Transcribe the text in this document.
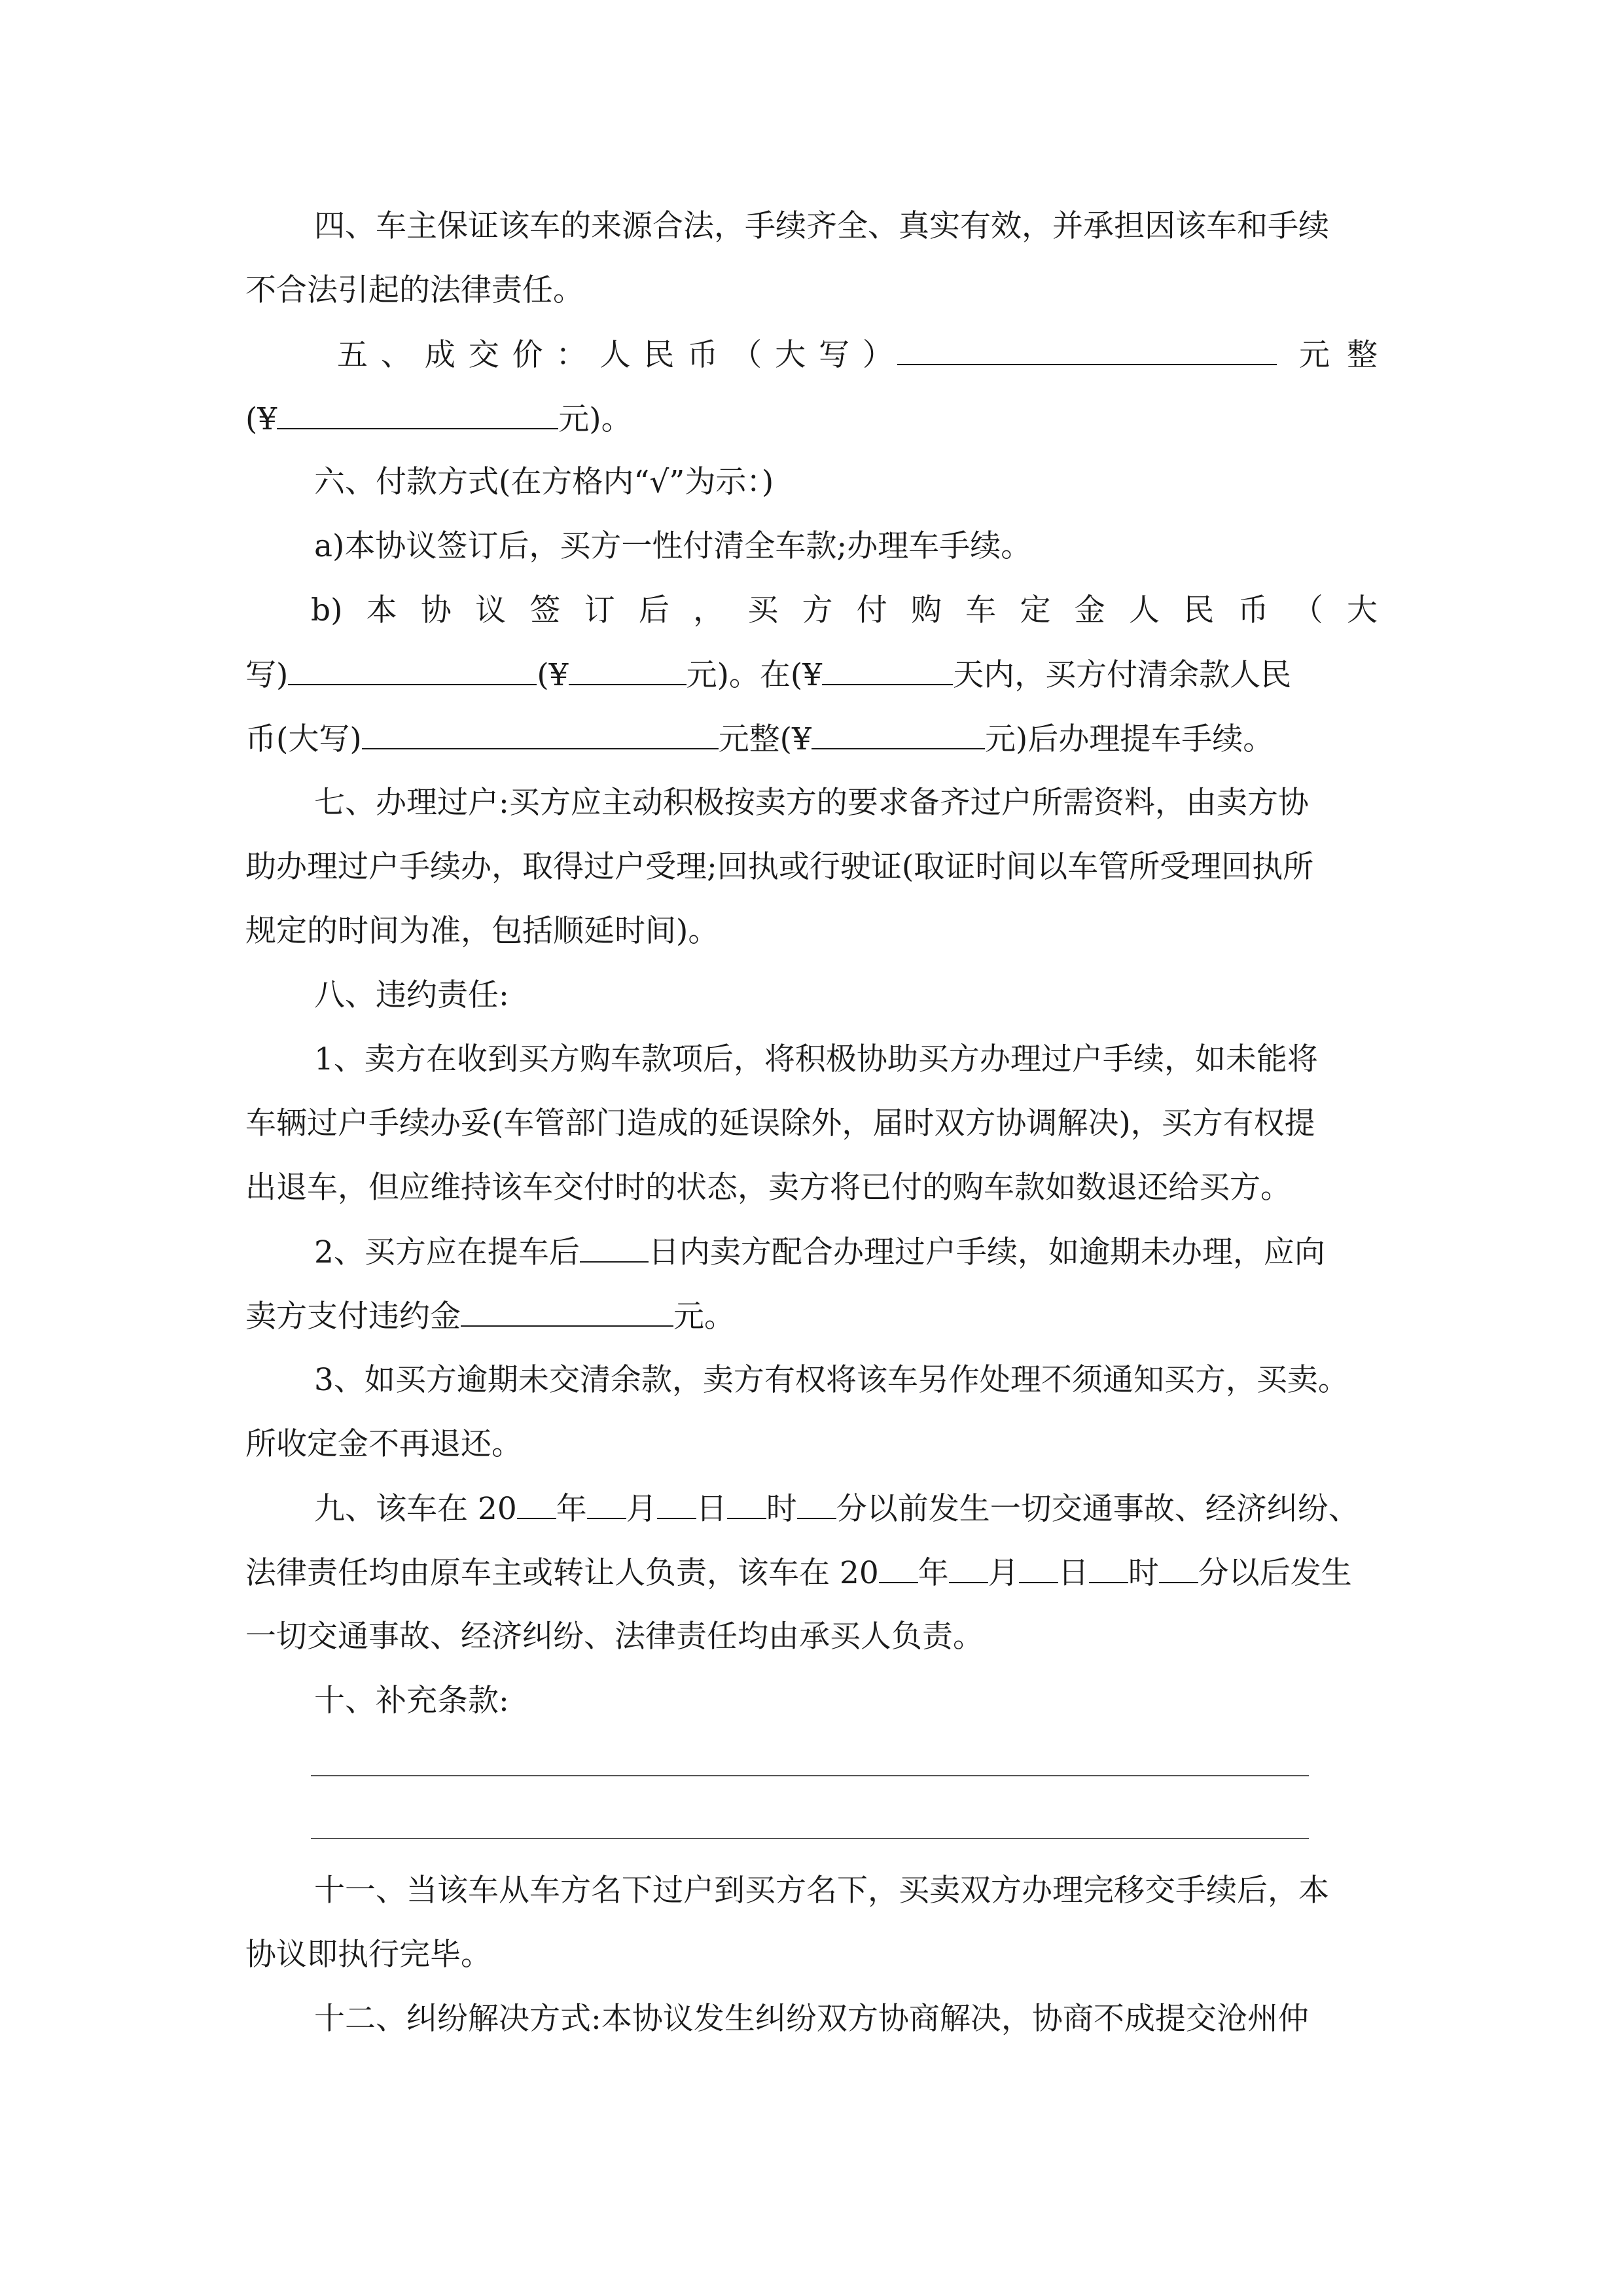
四、车主保证该车的来源合法，手续齐全、真实有效，并承担因该车和手续
不合法引起的法律责任。
五 、 成 交 价 ： 人 民 币 （ 大 写 ）	元 整
(¥	元)。
六、付款方式(在方格内“√”为示：)
a)本协议签订后，买方一性付清全车款;办理车手续。
b) 本 协 议 签 订 后 ， 买 方 付 购 车 定 金 人 民 币 （ 大
写)	(¥	元)。在(¥	天内，买方付清余款人民
币(大写)	元整(¥	元)后办理提车手续。
七、办理过户:买方应主动积极按卖方的要求备齐过户所需资料，由卖方协
助办理过户手续办，取得过户受理;回执或行驶证(取证时间以车管所受理回执所
规定的时间为准，包括顺延时间)。
八、违约责任:
1、卖方在收到买方购车款项后，将积极协助买方办理过户手续，如未能将
车辆过户手续办妥(车管部门造成的延误除外，届时双方协调解决)，买方有权提
出退车，但应维持该车交付时的状态，卖方将已付的购车款如数退还给买方。
2、买方应在提车后 日内卖方配合办理过户手续，如逾期未办理，应向
卖方支付违约金	元。
3、如买方逾期未交清余款，卖方有权将该车另作处理不须通知买方，买卖。
所收定金不再退还。
九、该车在 20 年 月 日 时 分以前发生一切交通事故、经济纠纷、
法律责任均由原车主或转让人负责，该车在 20 年 月 日 时 分以后发生
一切交通事故、经济纠纷、法律责任均由承买人负责。
十、补充条款:
十一、当该车从车方名下过户到买方名下，买卖双方办理完移交手续后，本
协议即执行完毕。
十二、纠纷解决方式:本协议发生纠纷双方协商解决，协商不成提交沧州仲
